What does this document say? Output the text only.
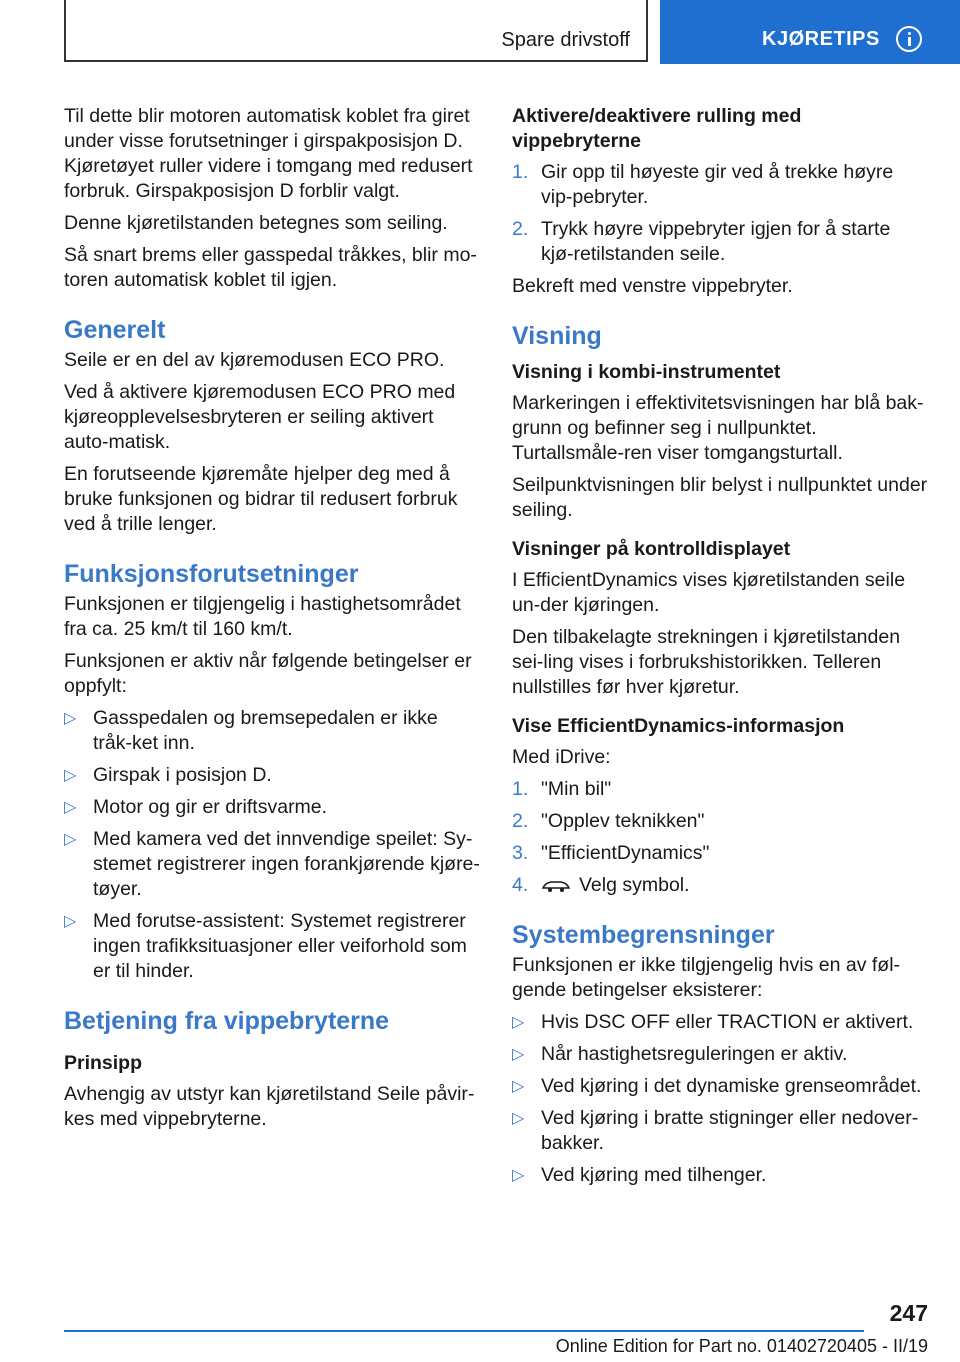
Spare drivstoff	KJØRETIPS

Til dette blir motoren automatisk koblet fra giret under visse forutsetninger i girspakposisjon D. Kjøretøyet ruller videre i tomgang med redusert forbruk. Girspakposisjon D forblir valgt.

Denne kjøretilstanden betegnes som seiling.

Så snart brems eller gasspedal tråkkes, blir mo‐toren automatisk koblet til igjen.

Generelt

Seile er en del av kjøremodusen ECO PRO.

Ved å aktivere kjøremodusen ECO PRO med kjøreopplevelsesbryteren er seiling aktivert auto‐matisk.

En forutseende kjøremåte hjelper deg med å bruke funksjonen og bidrar til redusert forbruk ved å trille lenger.

Funksjonsforutsetninger

Funksjonen er tilgjengelig i hastighetsområdet fra ca. 25 km/t til 160 km/t.

Funksjonen er aktiv når følgende betingelser er oppfylt:

▷ Gasspedalen og bremsepedalen er ikke tråk‐ket inn.
▷ Girspak i posisjon D.
▷ Motor og gir er driftsvarme.
▷ Med kamera ved det innvendige speilet: Sy‐stemet registrerer ingen forankjørende kjøre‐tøyer.
▷ Med forutse-assistent: Systemet registrerer ingen trafikksituasjoner eller veiforhold som er til hinder.
Betjening fra vippebryterne
Prinsipp

Avhengig av utstyr kan kjøretilstand Seile påvir‐kes med vippebryterne.

Aktivere/deaktivere rulling med vippebryterne
1. Gir opp til høyeste gir ved å trekke høyre vip‐pebryter.
2. Trykk høyre vippebryter igjen for å starte kjø‐retilstanden seile.

Bekreft med venstre vippebryter.

Visning
Visning i kombi-instrumentet

Markeringen i effektivitetsvisningen har blå bak‐grunn og befinner seg i nullpunktet. Turtallsmåle‐ren viser tomgangsturtall.

Seilpunktvisningen blir belyst i nullpunktet under seiling.

Visninger på kontrolldisplayet

I EfficientDynamics vises kjøretilstanden seile un‐der kjøringen.

Den tilbakelagte strekningen i kjøretilstanden sei‐ling vises i forbrukshistorikken. Telleren nullstilles før hver kjøretur.

Vise EfficientDynamics-informasjon

Med iDrive:

1. "Min bil"
2. "Opplev teknikken"
3. "EfficientDynamics"
4.	Velg symbol.
Systembegrensninger

Funksjonen er ikke tilgjengelig hvis en av føl‐gende betingelser eksisterer:

▷ Hvis DSC OFF eller TRACTION er aktivert.
▷ Når hastighetsreguleringen er aktiv.
▷ Ved kjøring i det dynamiske grenseområdet.
▷ Ved kjøring i bratte stigninger eller nedover‐bakker.
▷ Ved kjøring med tilhenger.
247
Online Edition for Part no. 01402720405 - II/19
